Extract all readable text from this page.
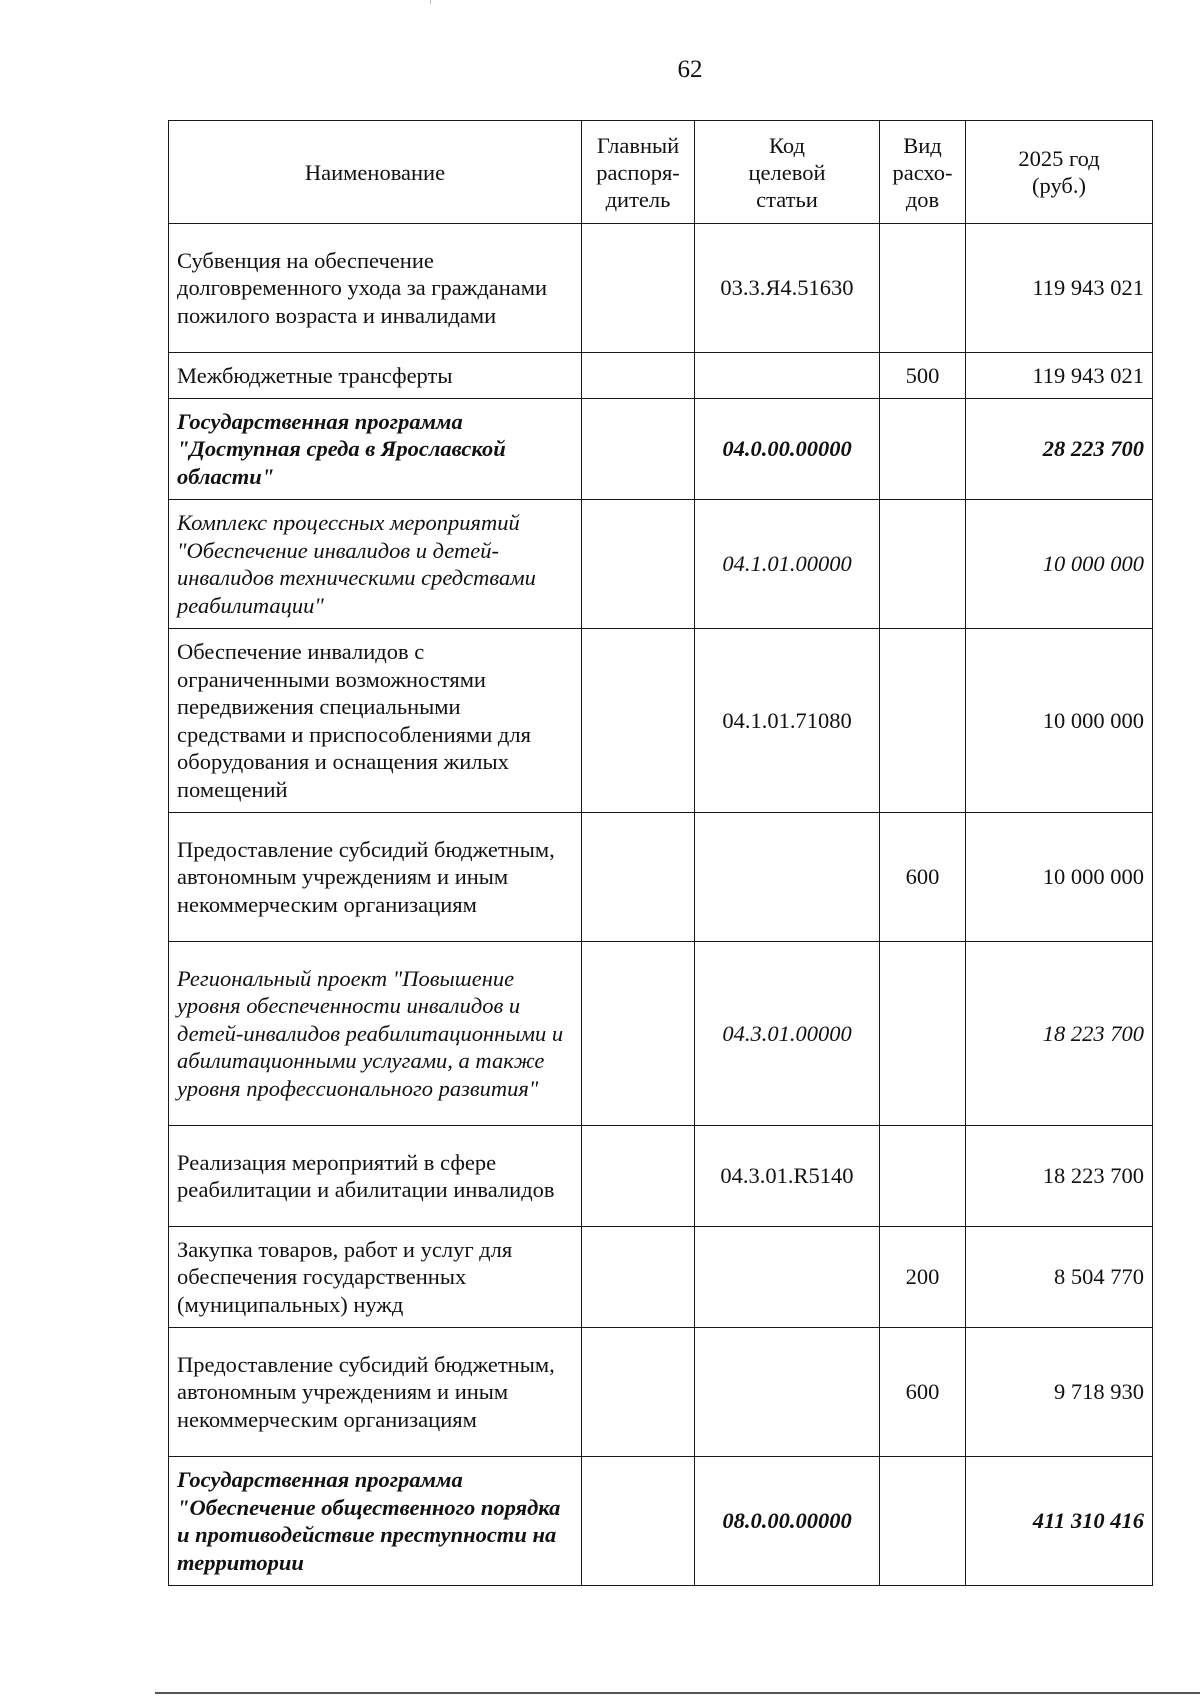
62
Наименование	Главный распоря-дитель	Код целевой статьи	Вид расхо-дов	2025 год (руб.)
Субвенция на обеспечение долговременного ухода за гражданами пожилого возраста и инвалидами		03.3.Я4.51630		119 943 021
Межбюджетные трансферты			500	119 943 021
Государственная программа "Доступная среда в Ярославской области"		04.0.00.00000		28 223 700
Комплекс процессных мероприятий "Обеспечение инвалидов и детей-инвалидов техническими средствами реабилитации"		04.1.01.00000		10 000 000
Обеспечение инвалидов с ограниченными возможностями передвижения специальными средствами и приспособлениями для оборудования и оснащения жилых помещений		04.1.01.71080		10 000 000
Предоставление субсидий бюджетным, автономным учреждениям и иным некоммерческим организациям			600	10 000 000
Региональный проект "Повышение уровня обеспеченности инвалидов и детей-инвалидов реабилитационными и абилитационными услугами, а также уровня профессионального развития"		04.3.01.00000		18 223 700
Реализация мероприятий в сфере реабилитации и абилитации инвалидов		04.3.01.R5140		18 223 700
Закупка товаров, работ и услуг для обеспечения государственных (муниципальных) нужд			200	8 504 770
Предоставление субсидий бюджетным, автономным учреждениям и иным некоммерческим организациям			600	9 718 930
Государственная программа "Обеспечение общественного порядка и противодействие преступности на территории		08.0.00.00000		411 310 416
